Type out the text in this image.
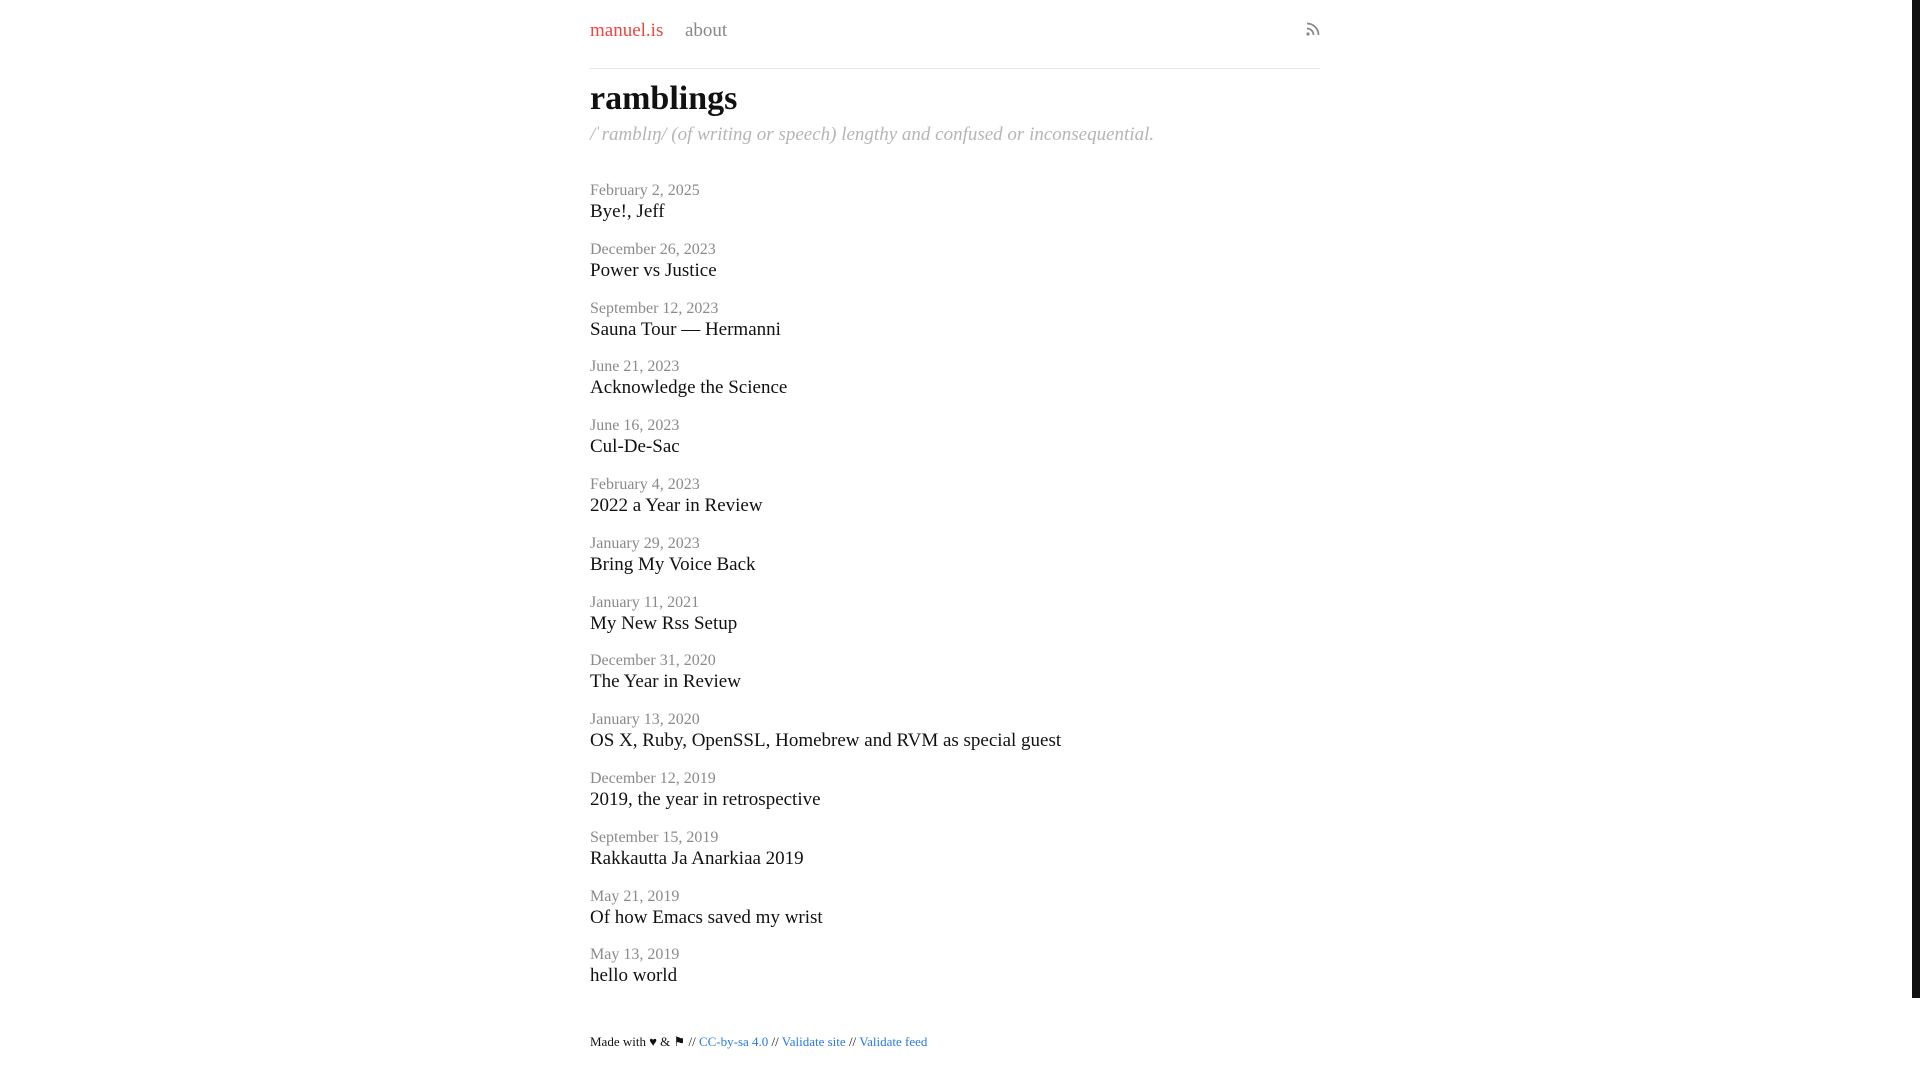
manuel.is about
ramblings
/ˈramblɪŋ/ (of writing or speech) lengthy and confused or inconsequential.
February 2, 2025
Bye!, Jeff
December 26, 2023
Power vs Justice
September 12, 2023
Sauna Tour — Hermanni
June 21, 2023
Acknowledge the Science
June 16, 2023
Cul-De-Sac
February 4, 2023
2022 a Year in Review
January 29, 2023
Bring My Voice Back
January 11, 2021
My New Rss Setup
December 31, 2020
The Year in Review
January 13, 2020
OS X, Ruby, OpenSSL, Homebrew and RVM as special guest
December 12, 2019
2019, the year in retrospective
September 15, 2019
Rakkautta Ja Anarkiaa 2019
May 21, 2019
Of how Emacs saved my wrist
May 13, 2019
hello world
Made with ♥ & ⚑ // CC-by-sa 4.0 // Validate site // Validate feed
